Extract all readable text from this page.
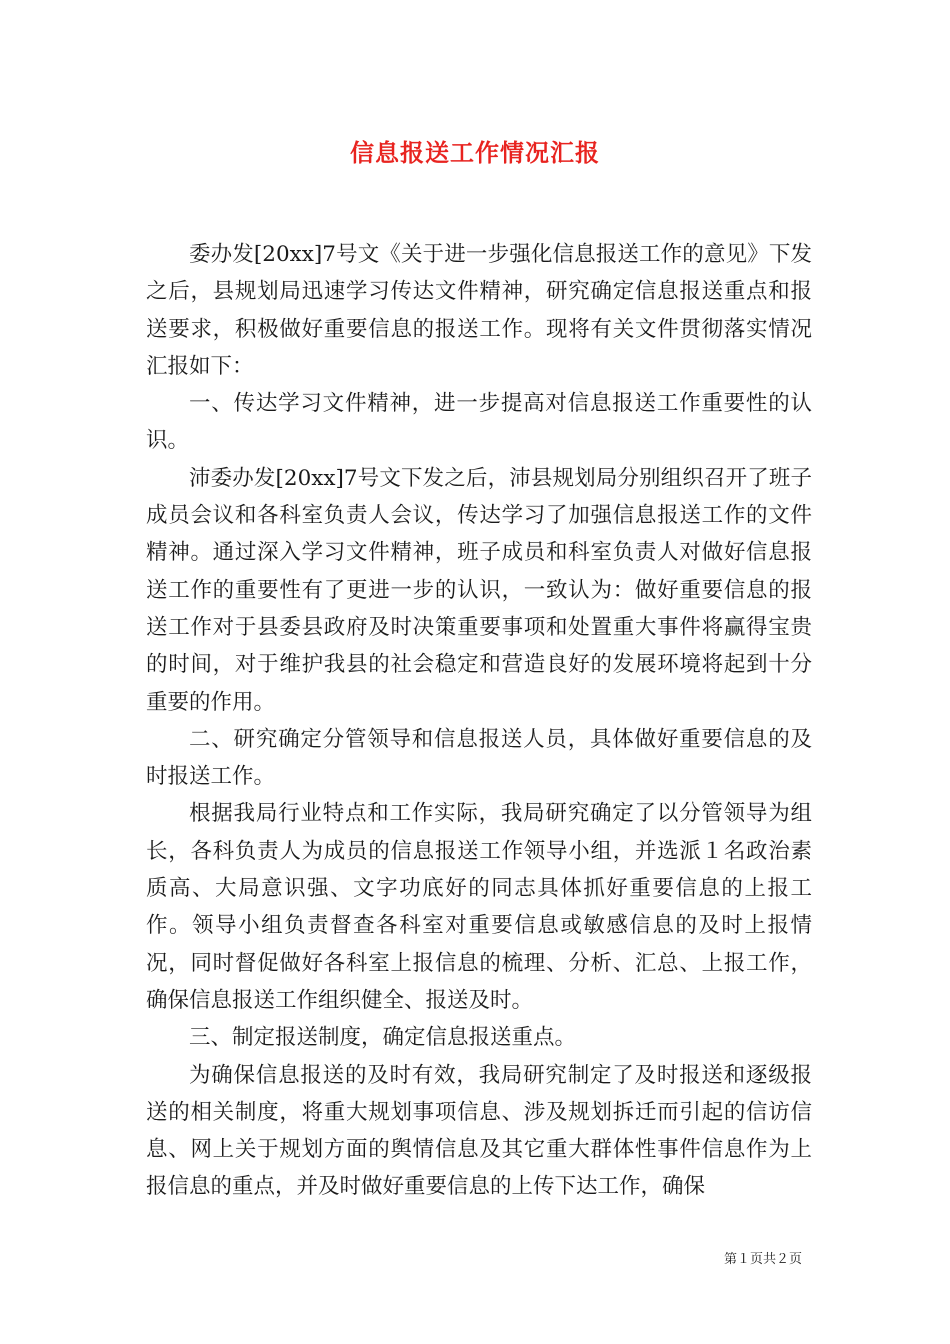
信息报送工作情况汇报

委办发[20xx]7号文《关于进一步强化信息报送工作的意见》下发之后，县规划局迅速学习传达文件精神，研究确定信息报送重点和报送要求，积极做好重要信息的报送工作。现将有关文件贯彻落实情况汇报如下：

一、传达学习文件精神，进一步提高对信息报送工作重要性的认识。

沛委办发[20xx]7号文下发之后，沛县规划局分别组织召开了班子成员会议和各科室负责人会议，传达学习了加强信息报送工作的文件精神。通过深入学习文件精神，班子成员和科室负责人对做好信息报送工作的重要性有了更进一步的认识，一致认为：做好重要信息的报送工作对于县委县政府及时决策重要事项和处置重大事件将赢得宝贵的时间，对于维护我县的社会稳定和营造良好的发展环境将起到十分重要的作用。

二、研究确定分管领导和信息报送人员，具体做好重要信息的及时报送工作。

根据我局行业特点和工作实际，我局研究确定了以分管领导为组长，各科负责人为成员的信息报送工作领导小组，并选派１名政治素质高、大局意识强、文字功底好的同志具体抓好重要信息的上报工作。领导小组负责督查各科室对重要信息或敏感信息的及时上报情况，同时督促做好各科室上报信息的梳理、分析、汇总、上报工作，确保信息报送工作组织健全、报送及时。

三、制定报送制度，确定信息报送重点。

为确保信息报送的及时有效，我局研究制定了及时报送和逐级报送的相关制度，将重大规划事项信息、涉及规划拆迁而引起的信访信息、网上关于规划方面的舆情信息及其它重大群体性事件信息作为上报信息的重点，并及时做好重要信息的上传下达工作，确保

第１页共２页
